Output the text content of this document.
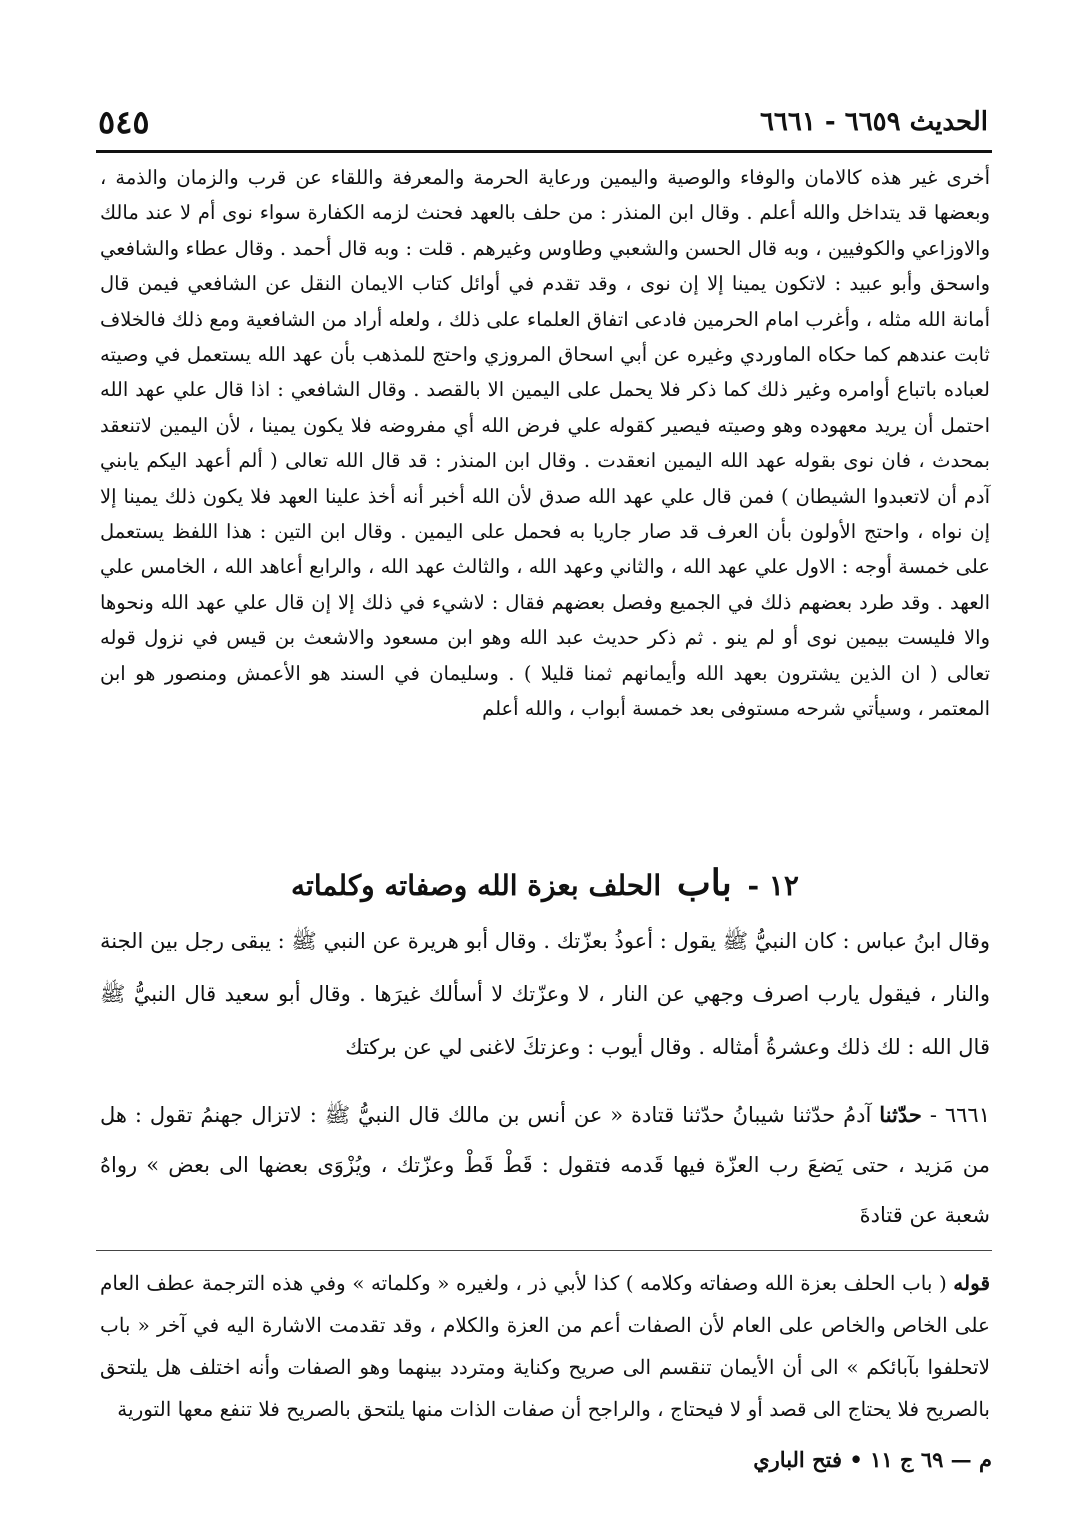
الحديث ٦٦٥٩ - ٦٦٦١
٥٤٥

أخرى غير هذه كالامان والوفاء والوصية واليمين ورعاية الحرمة والمعرفة واللقاء عن قرب والزمان والذمة ، وبعضها قد يتداخل والله أعلم . وقال ابن المنذر : من حلف بالعهد فحنث لزمه الكفارة سواء نوى أم لا عند مالك والاوزاعي والكوفيين ، وبه قال الحسن والشعبي وطاوس وغيرهم . قلت : وبه قال أحمد . وقال عطاء والشافعي واسحق وأبو عبيد : لاتكون يمينا إلا إن نوى ، وقد تقدم في أوائل كتاب الايمان النقل عن الشافعي فيمن قال أمانة الله مثله ، وأغرب امام الحرمين فادعى اتفاق العلماء على ذلك ، ولعله أراد من الشافعية ومع ذلك فالخلاف ثابت عندهم كما حكاه الماوردي وغيره عن أبي اسحاق المروزي واحتج للمذهب بأن عهد الله يستعمل في وصيته لعباده باتباع أوامره وغير ذلك كما ذكر فلا يحمل على اليمين الا بالقصد . وقال الشافعي : اذا قال علي عهد الله احتمل أن يريد معهوده وهو وصيته فيصير كقوله علي فرض الله أي مفروضه فلا يكون يمينا ، لأن اليمين لاتنعقد بمحدث ، فان نوى بقوله عهد الله اليمين انعقدت . وقال ابن المنذر : قد قال الله تعالى ( ألم أعهد اليكم يابني آدم أن لاتعبدوا الشيطان ) فمن قال علي عهد الله صدق لأن الله أخبر أنه أخذ علينا العهد فلا يكون ذلك يمينا إلا إن نواه ، واحتج الأولون بأن العرف قد صار جاريا به فحمل على اليمين . وقال ابن التين : هذا اللفظ يستعمل على خمسة أوجه : الاول علي عهد الله ، والثاني وعهد الله ، والثالث عهد الله ، والرابع أعاهد الله ، الخامس علي العهد . وقد طرد بعضهم ذلك في الجميع وفصل بعضهم فقال : لاشيء في ذلك إلا إن قال علي عهد الله ونحوها والا فليست بيمين نوى أو لم ينو . ثم ذكر حديث عبد الله وهو ابن مسعود والاشعث بن قيس في نزول قوله تعالى ( ان الذين يشترون بعهد الله وأيمانهم ثمنا قليلا ) . وسليمان في السند هو الأعمش ومنصور هو ابن المعتمر ، وسيأتي شرحه مستوفى بعد خمسة أبواب ، والله أعلم

١٢ - باب الحلف بعزة الله وصفاته وكلماته

وقال ابنُ عباس : كان النبيُّ ﷺ يقول : أعوذُ بعزّتك . وقال أبو هريرة عن النبي ﷺ : يبقى رجل بين الجنة والنار ، فيقول يارب اصرف وجهي عن النار ، لا وعزّتك لا أسألك غيرَها . وقال أبو سعيد قال النبيُّ ﷺ قال الله : لك ذلك وعشرةُ أمثاله . وقال أيوب : وعزتكَ لاغنى لي عن بركتك

٦٦٦١ - حدّثنا آدمُ حدّثنا شيبانُ حدّثنا قتادة « عن أنس بن مالك قال النبيُّ ﷺ : لاتزال جهنمُ تقول : هل من مَزيد ، حتى يَضعَ رب العزّة فيها قَدمه فتقول : قَطْ قَطْ وعزّتك ، ويُزْوَى بعضها الى بعض » رواهُ شعبة عن قتادةَ

قوله ( باب الحلف بعزة الله وصفاته وكلامه ) كذا لأبي ذر ، ولغيره « وكلماته » وفي هذه الترجمة عطف العام على الخاص والخاص على العام لأن الصفات أعم من العزة والكلام ، وقد تقدمت الاشارة اليه في آخر « باب لاتحلفوا بآبائكم » الى أن الأيمان تنقسم الى صريح وكناية ومتردد بينهما وهو الصفات وأنه اختلف هل يلتحق بالصريح فلا يحتاج الى قصد أو لا فيحتاج ، والراجح أن صفات الذات منها يلتحق بالصريح فلا تنفع معها التورية

م — ٦٩ ج ١١ • فتح الباري
